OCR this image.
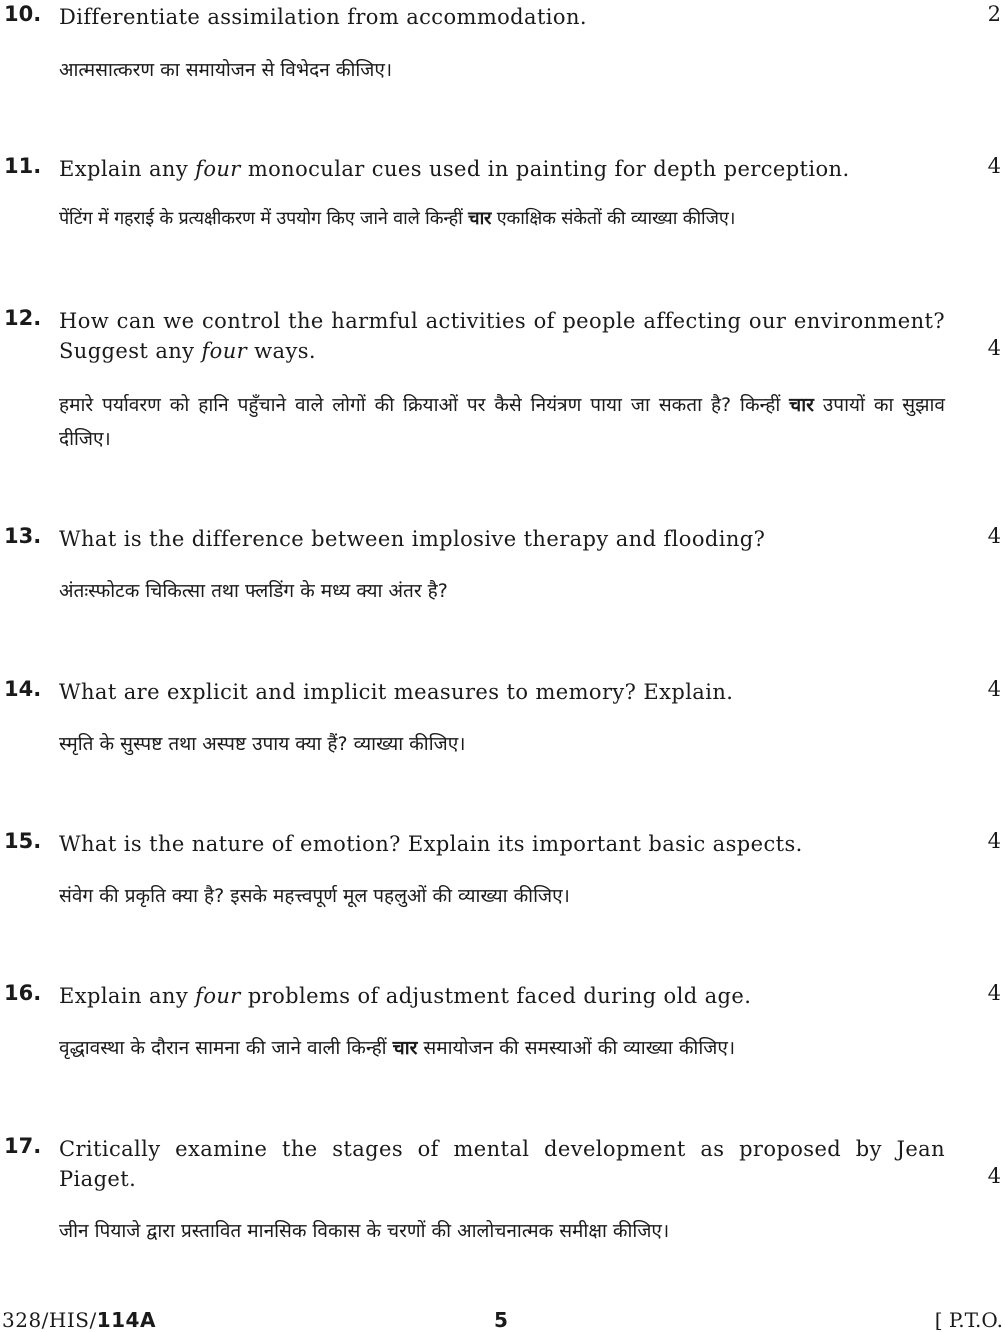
10. Differentiate assimilation from accommodation.	2
आत्मसात्करण का समायोजन से विभेदन कीजिए।
11. Explain any four monocular cues used in painting for depth perception.	4
पेंटिंग में गहराई के प्रत्यक्षीकरण में उपयोग किए जाने वाले किन्हीं चार एकाक्षिक संकेतों की व्याख्या कीजिए।
12. How can we control the harmful activities of people affecting our environment? Suggest any four ways.	4
हमारे पर्यावरण को हानि पहुँचाने वाले लोगों की क्रियाओं पर कैसे नियंत्रण पाया जा सकता है? किन्हीं चार उपायों का सुझाव दीजिए।
13. What is the difference between implosive therapy and flooding?	4
अंतःस्फोटक चिकित्सा तथा फ्लडिंग के मध्य क्या अंतर है?
14. What are explicit and implicit measures to memory? Explain.	4
स्मृति के सुस्पष्ट तथा अस्पष्ट उपाय क्या हैं? व्याख्या कीजिए।
15. What is the nature of emotion? Explain its important basic aspects.	4
संवेग की प्रकृति क्या है? इसके महत्त्वपूर्ण मूल पहलुओं की व्याख्या कीजिए।
16. Explain any four problems of adjustment faced during old age.	4
वृद्धावस्था के दौरान सामना की जाने वाली किन्हीं चार समायोजन की समस्याओं की व्याख्या कीजिए।
17. Critically examine the stages of mental development as proposed by Jean Piaget.	4
जीन पियाजे द्वारा प्रस्तावित मानसिक विकास के चरणों की आलोचनात्मक समीक्षा कीजिए।
328/HIS/114A	5	[ P.T.O.
